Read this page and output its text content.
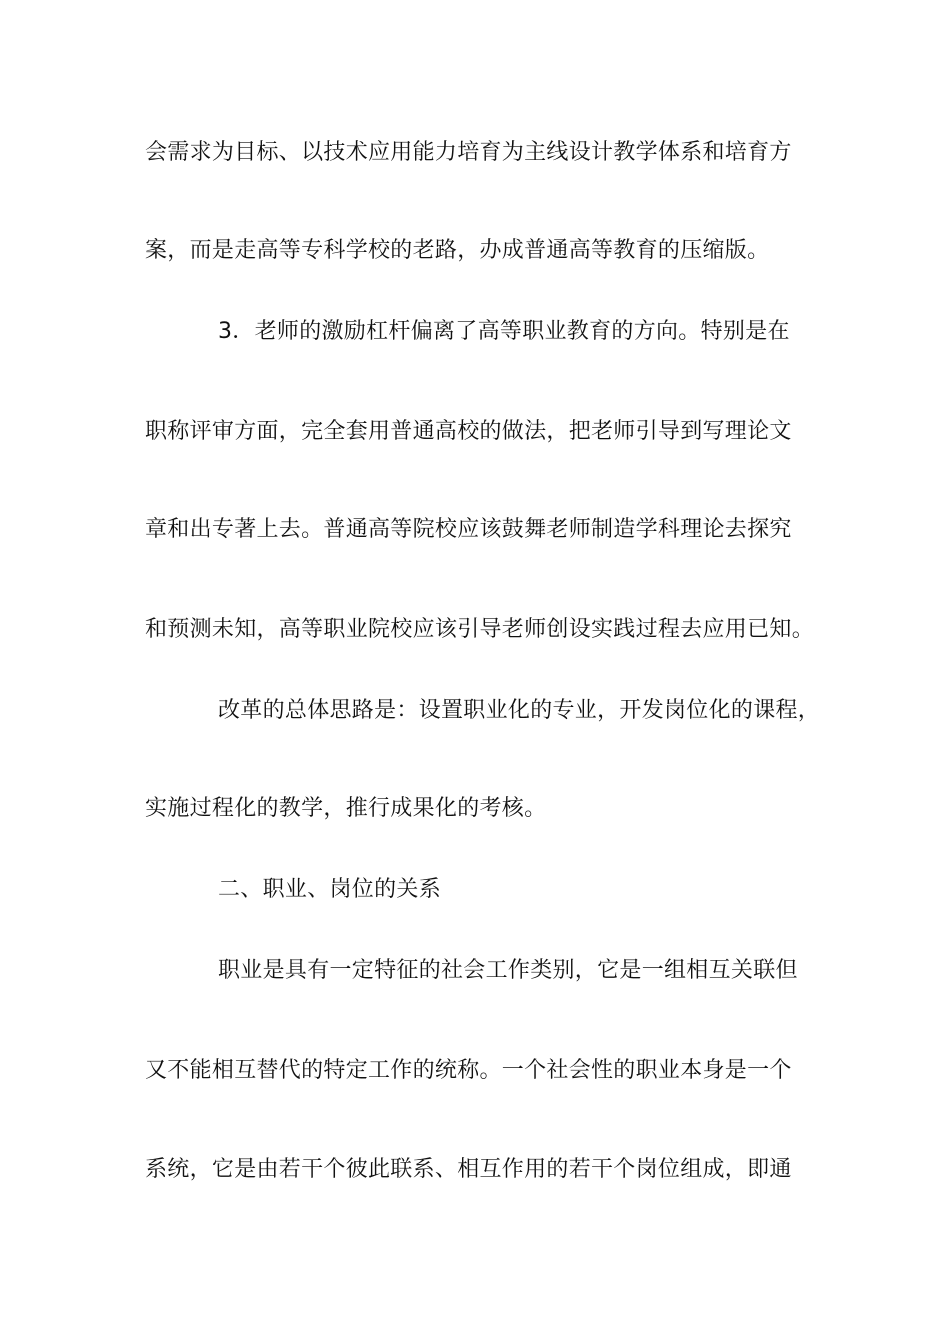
会需求为目标、以技术应用能力培育为主线设计教学体系和培育方
案，而是走高等专科学校的老路，办成普通高等教育的压缩版。
3．老师的激励杠杆偏离了高等职业教育的方向。特别是在
职称评审方面，完全套用普通高校的做法，把老师引导到写理论文
章和出专著上去。普通高等院校应该鼓舞老师制造学科理论去探究
和预测未知，高等职业院校应该引导老师创设实践过程去应用已知。
改革的总体思路是：设置职业化的专业，开发岗位化的课程，
实施过程化的教学，推行成果化的考核。
二、职业、岗位的关系
职业是具有一定特征的社会工作类别，它是一组相互关联但
又不能相互替代的特定工作的统称。一个社会性的职业本身是一个
系统，它是由若干个彼此联系、相互作用的若干个岗位组成，即通
